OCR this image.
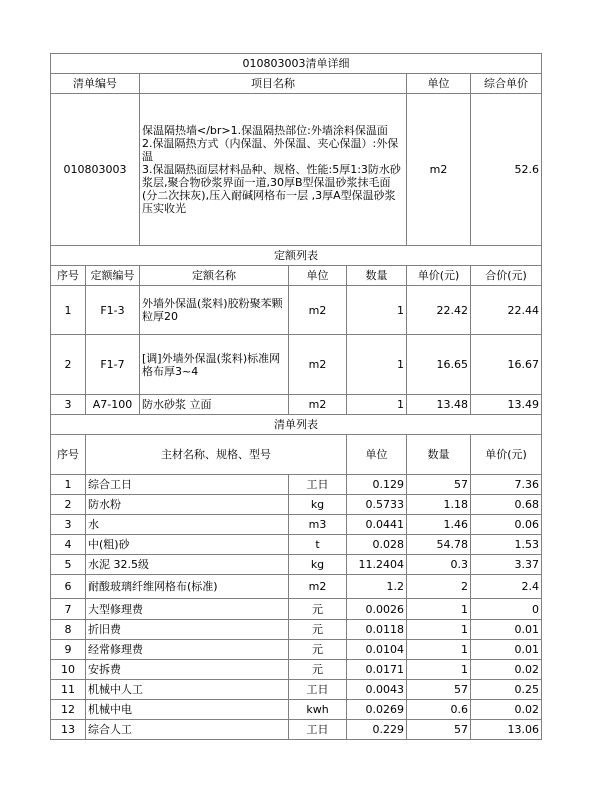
010803003清单详细							
清单编号		项目名称			单位	综合单价	
010803003		保温隔热墙</br>1.保温隔热部位:外墙涂料保温面
2.保温隔热方式（内保温、外保温、夹心保温）:外保温
3.保温隔热面层材料品种、规格、性能:5厚1:3防水砂浆层,聚合物砂浆界面一道,30厚B型保温砂浆抹毛面(分二次抹灰),压入耐碱网格布一层 ,3厚A型保温砂浆压实收光			m2	52.6	
定额列表							
序号	定额编号	定额名称	单位	数量	单价(元)	合价(元)	
1	F1-3	外墙外保温(浆料)胶粉聚苯颗粒厚20	m2	1	22.42	22.44	
2	F1-7	[调]外墙外保温(浆料)标准网格布厚3~4	m2	1	16.65	16.67	
3	A7-100	防水砂浆 立面	m2	1	13.48	13.49	
清单列表							
序号	主材名称、规格、型号			单位	数量	单价(元)	
1	综合工日		工日	0.129	57	7.36	
2	防水粉		kg	0.5733	1.18	0.68	
3	水		m3	0.0441	1.46	0.06	
4	中(粗)砂		t	0.028	54.78	1.53	
5	水泥 32.5级		kg	11.2404	0.3	3.37	
6	耐酸玻璃纤维网格布(标准)		m2	1.2	2	2.4	
7	大型修理费		元	0.0026	1	0	
8	折旧费		元	0.0118	1	0.01	
9	经常修理费		元	0.0104	1	0.01	
10	安拆费		元	0.0171	1	0.02	
11	机械中人工		工日	0.0043	57	0.25	
12	机械中电		kwh	0.0269	0.6	0.02	
13	综合人工		工日	0.229	57	13.06	
